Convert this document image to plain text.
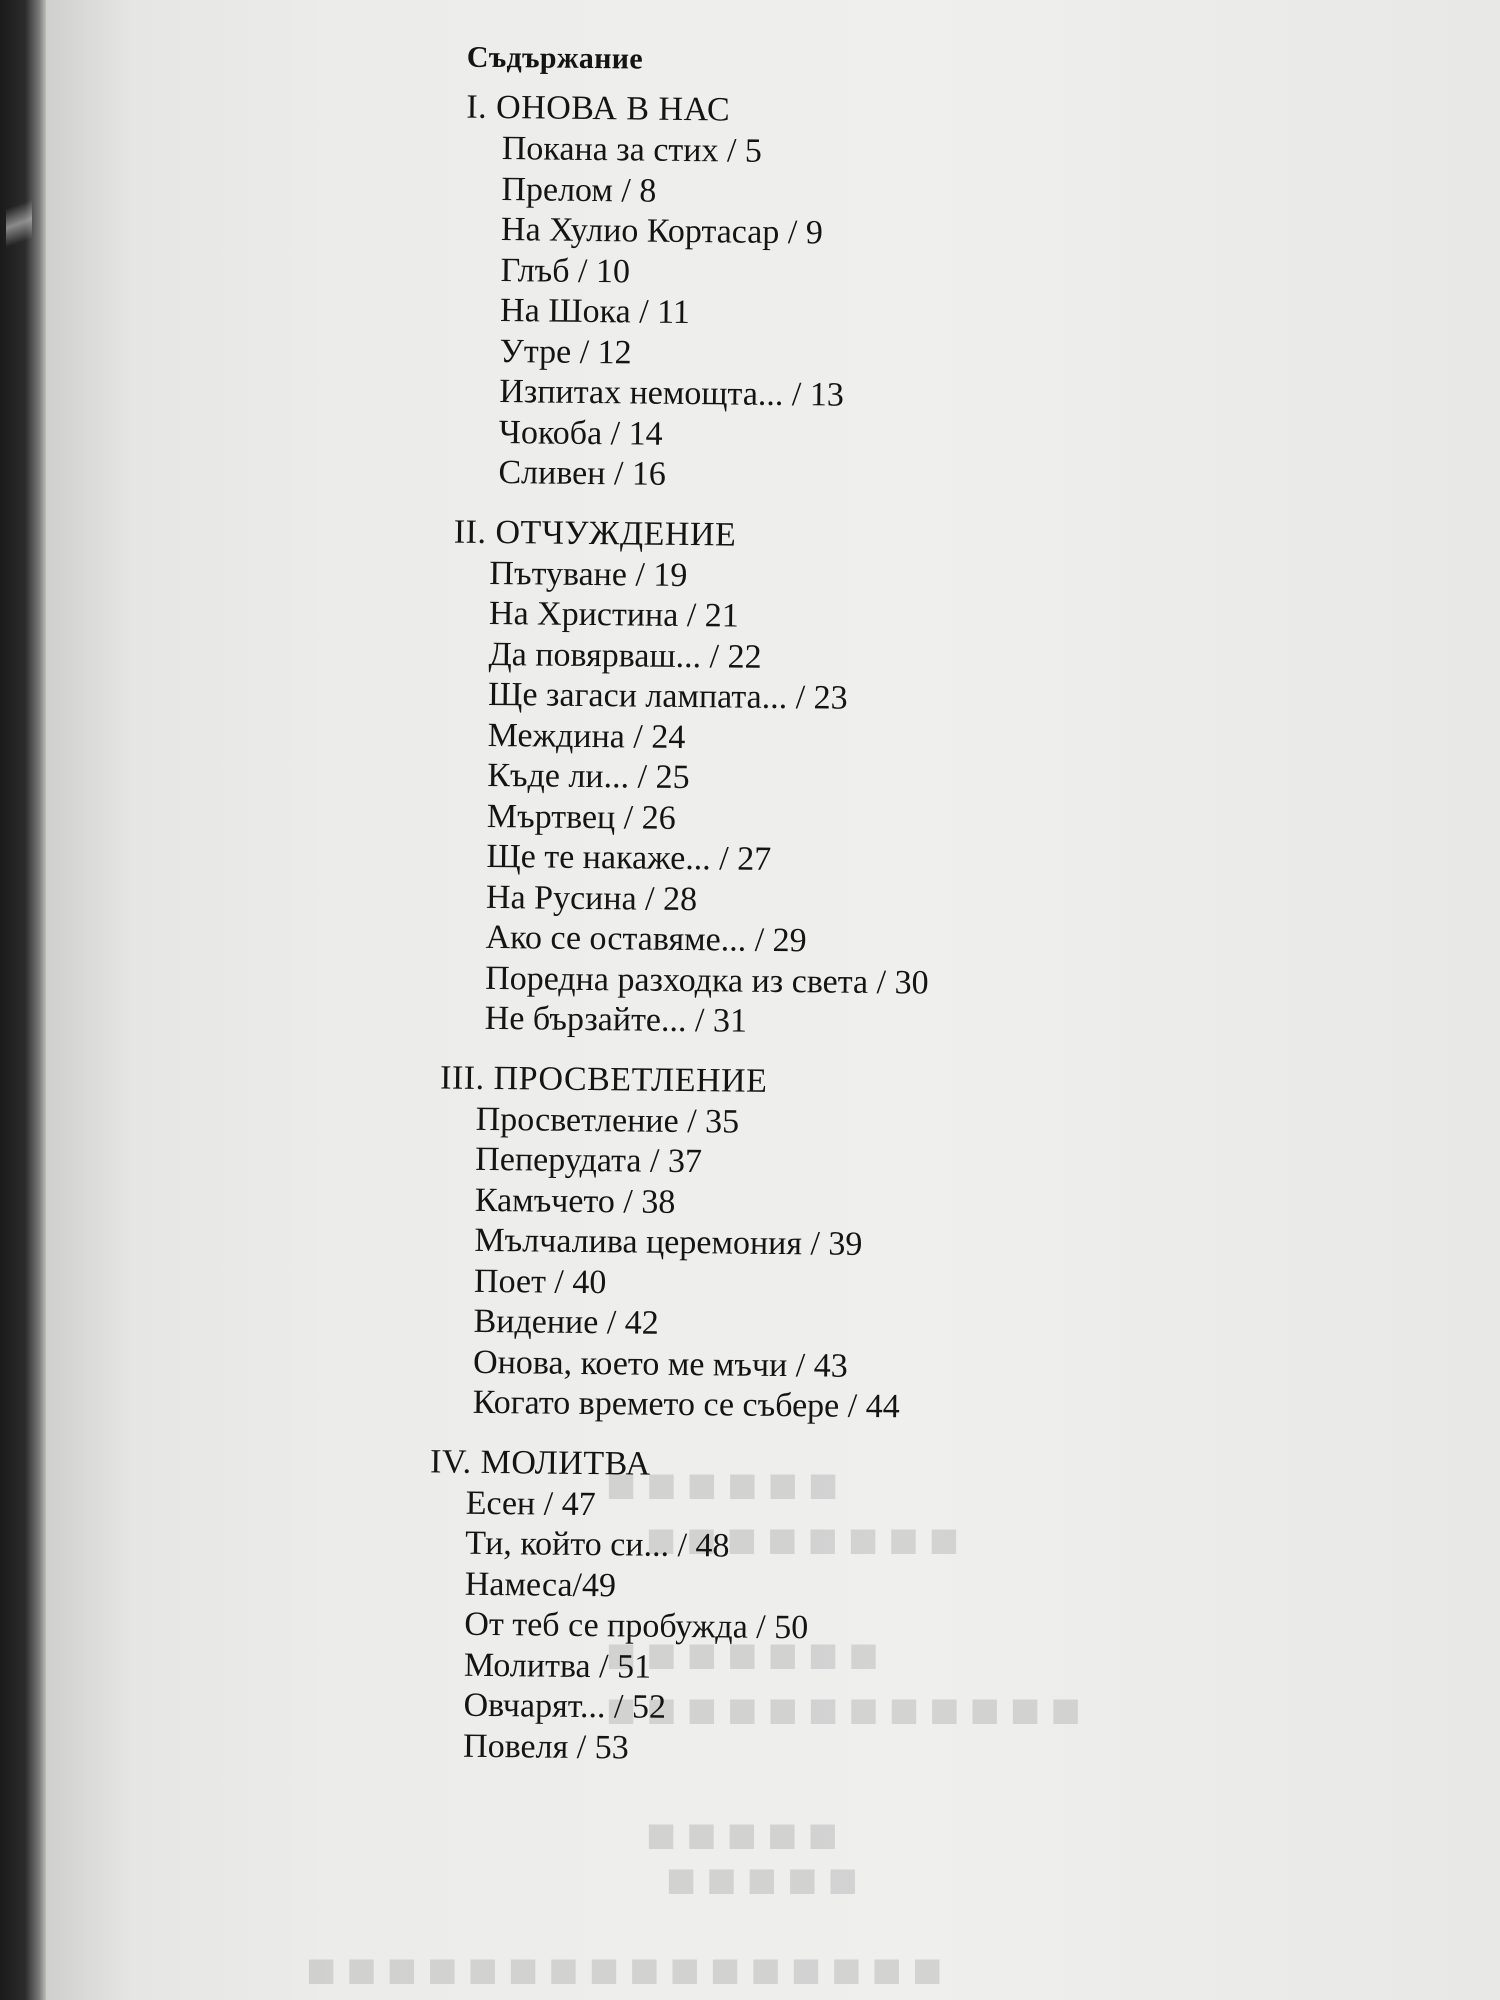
■ ■ ■ ■ ■ ■
■ ■ ■ ■ ■ ■ ■ ■
■ ■ ■ ■ ■ ■ ■
■ ■ ■ ■ ■ ■ ■ ■ ■ ■ ■ ■
■ ■ ■ ■ ■
■ ■ ■ ■ ■
■ ■ ■ ■ ■ ■ ■ ■ ■ ■ ■ ■ ■ ■ ■ ■
Съдържание
I. ОНОВА В НАС
Покана за стих / 5
Прелом / 8
На Хулио Кортасар / 9
Глъб / 10
На Шока / 11
Утре / 12
Изпитах немощта... / 13
Чокоба / 14
Сливен / 16
II. ОТЧУЖДЕНИЕ
Пътуване / 19
На Христина / 21
Да повярваш... / 22
Ще загаси лампата... / 23
Междина / 24
Къде ли... / 25
Мъртвец / 26
Ще те накаже... / 27
На Русина / 28
Ако се оставяме... / 29
Поредна разходка из света / 30
Не бързайте... / 31
III. ПРОСВЕТЛЕНИЕ
Просветление / 35
Пеперудата / 37
Камъчето / 38
Мълчалива церемония / 39
Поет / 40
Видение / 42
Онова, което ме мъчи / 43
Когато времето се събере / 44
IV. МОЛИТВА
Есен / 47
Ти, който си... / 48
Намеса/49
От теб се пробужда / 50
Молитва / 51
Овчарят... / 52
Повеля / 53
